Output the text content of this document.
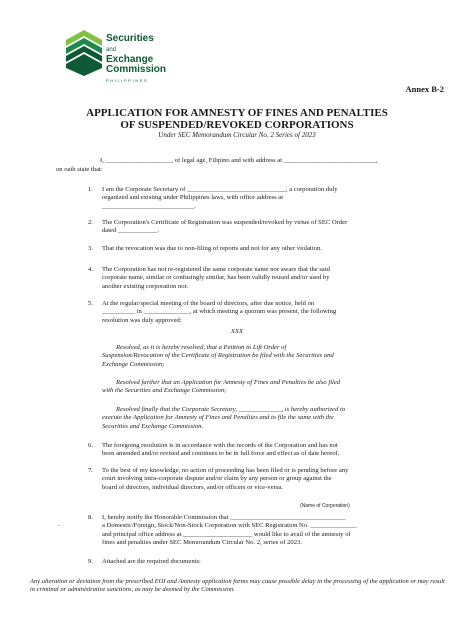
Securities
and
Exchange
Commission
PHILIPPINES
Annex B-2
APPLICATION FOR AMNESTY OF FINES AND PENALTIES
OF SUSPENDED/REVOKED CORPORATIONS
Under SEC Memorandum Circular No. 2 Series of 2023
I, ____________________, of legal age, Filipino and with address at ____________________________,
on oath state that:
1. I am the Corporate Secretary of ______________________________, a corporation duly
organized and existing under Philippines laws, with office address at
____________________________.
2. The Corporation's Certificate of Registration was suspended/revoked by virtue of SEC Order
dated ____________.
3. That the revocation was due to non-filing of reports and not for any other violation.
4. The Corporation has not re-registered the same corporate name nor aware that the said
corporate name, similar or confusingly similar, has been validly reused and/or used by
another existing corporation nor.
5. At the regular/special meeting of the board of directors, after due notice, held on
__________ in ______________, at which meeting a quorum was present, the following
resolution was duly approved:
XXX
Resolved, as it is hereby resolved, that a Petition to Lift Order of
Suspension/Revocation of the Certificate of Registration be filed with the Securities and
Exchange Commission;
Resolved further that an Application for Amnesty of Fines and Penalties be also filed
with the Securities and Exchange Commission;
Resolved finally that the Corporate Secretary, _____________, is hereby authorized to
execute the Application for Amnesty of Fines and Penalties and to file the same with the
Securities and Exchange Commission.
6. The foregoing resolution is in accordance with the records of the Corporation and has not
been amended and/or revised and continues to be in full force and effect as of date hereof.
7. To the best of my knowledge, no action of proceeding has been filed or is pending before any
court involving intra-corporate dispute and/or claim by any person or group against the
board of directors, individual directors, and/or officers or vice-versa.
.
(Name of Corporation)
8. I, hereby notify the Honorable Commission that ___________________________________
a Domestic/Foreign, Stock/Non-Stock Corporation with SEC Registration No. ______________
and principal office address at _____________________ would like to avail of the amnesty of
fines and penalties under SEC Memorandum Circular No. 2, series of 2023.
9. Attached are the required documents:
Any alteration or deviation from the prescribed EOI and Amnesty application forms may cause possible delay in the processing of the application or may result in criminal or administrative sanctions, as may be deemed by the Commission.
